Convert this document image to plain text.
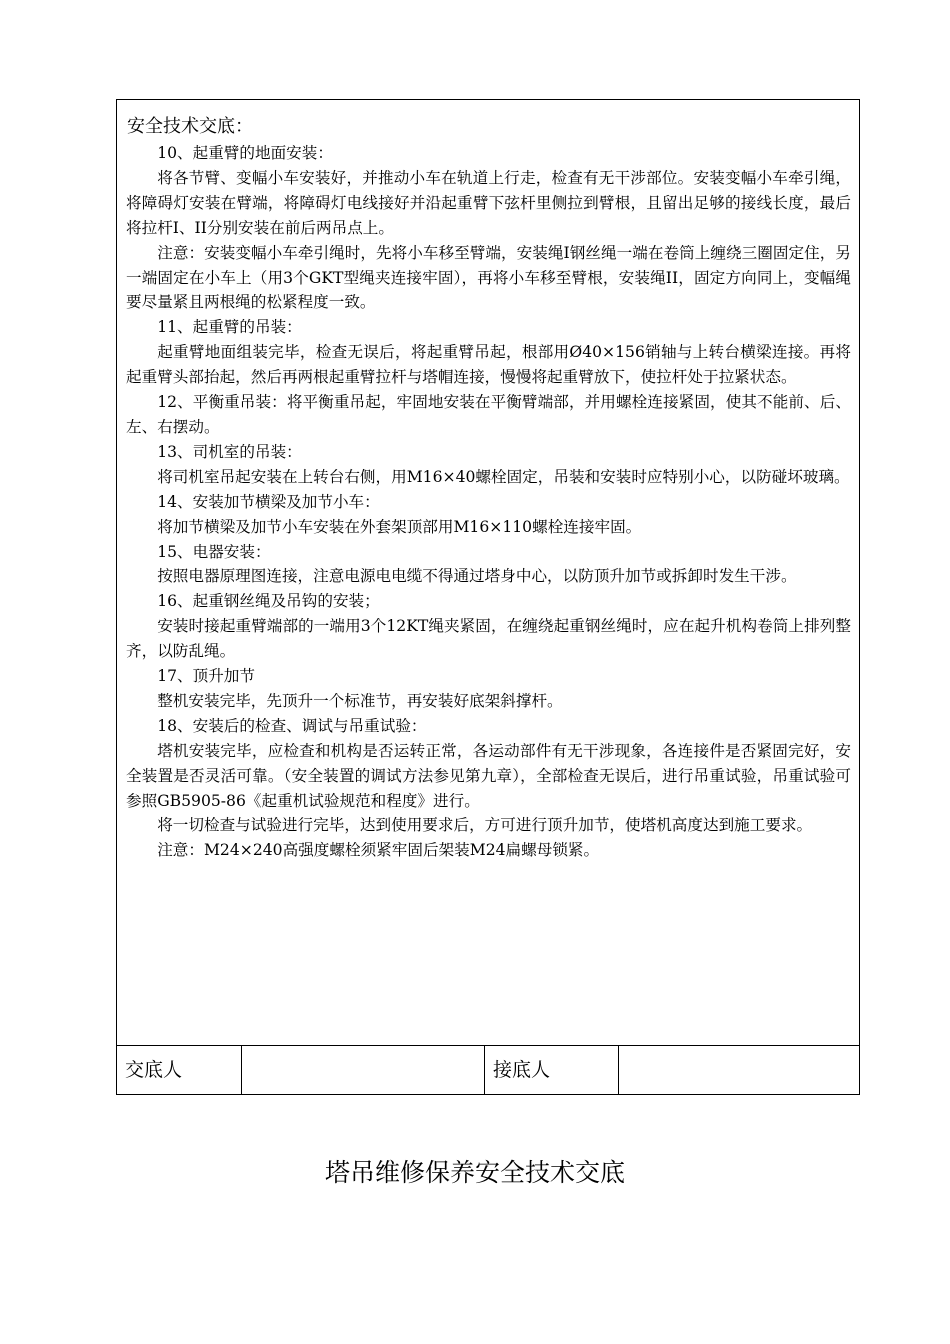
安全技术交底：

10、起重臂的地面安装：

将各节臂、变幅小车安装好，并推动小车在轨道上行走，检查有无干涉部位。安装变幅小车牵引绳，将障碍灯安装在臂端，将障碍灯电线接好并沿起重臂下弦杆里侧拉到臂根，且留出足够的接线长度，最后将拉杆I、II分别安装在前后两吊点上。

注意：安装变幅小车牵引绳时，先将小车移至臂端，安装绳Ⅰ钢丝绳一端在卷筒上缠绕三圈固定住，另一端固定在小车上（用3个GKT型绳夹连接牢固），再将小车移至臂根，安装绳II，固定方向同上，变幅绳要尽量紧且两根绳的松紧程度一致。

11、起重臂的吊装：

起重臂地面组装完毕，检查无误后，将起重臂吊起，根部用Ø40×156销轴与上转台横梁连接。再将起重臂头部抬起，然后再两根起重臂拉杆与塔帽连接，慢慢将起重臂放下，使拉杆处于拉紧状态。

12、平衡重吊装：将平衡重吊起，牢固地安装在平衡臂端部，并用螺栓连接紧固，使其不能前、后、左、右摆动。

13、司机室的吊装：

将司机室吊起安装在上转台右侧，用M16×40螺栓固定，吊装和安装时应特别小心，以防碰坏玻璃。

14、安装加节横梁及加节小车：

将加节横梁及加节小车安装在外套架顶部用M16×110螺栓连接牢固。

15、电器安装：

按照电器原理图连接，注意电源电电缆不得通过塔身中心，以防顶升加节或拆卸时发生干涉。

16、起重钢丝绳及吊钩的安装；

安装时接起重臂端部的一端用3个12KT绳夹紧固，在缠绕起重钢丝绳时，应在起升机构卷筒上排列整齐，以防乱绳。

17、顶升加节

整机安装完毕，先顶升一个标准节，再安装好底架斜撑杆。

18、安装后的检查、调试与吊重试验：

塔机安装完毕，应检查和机构是否运转正常，各运动部件有无干涉现象，各连接件是否紧固完好，安全装置是否灵活可靠。（安全装置的调试方法参见第九章），全部检查无误后，进行吊重试验，吊重试验可参照GB5905-86《起重机试验规范和程度》进行。

将一切检查与试验进行完毕，达到使用要求后，方可进行顶升加节，使塔机高度达到施工要求。

注意：M24×240高强度螺栓须紧牢固后架装M24扁螺母锁紧。

交底人	接底人
塔吊维修保养安全技术交底
